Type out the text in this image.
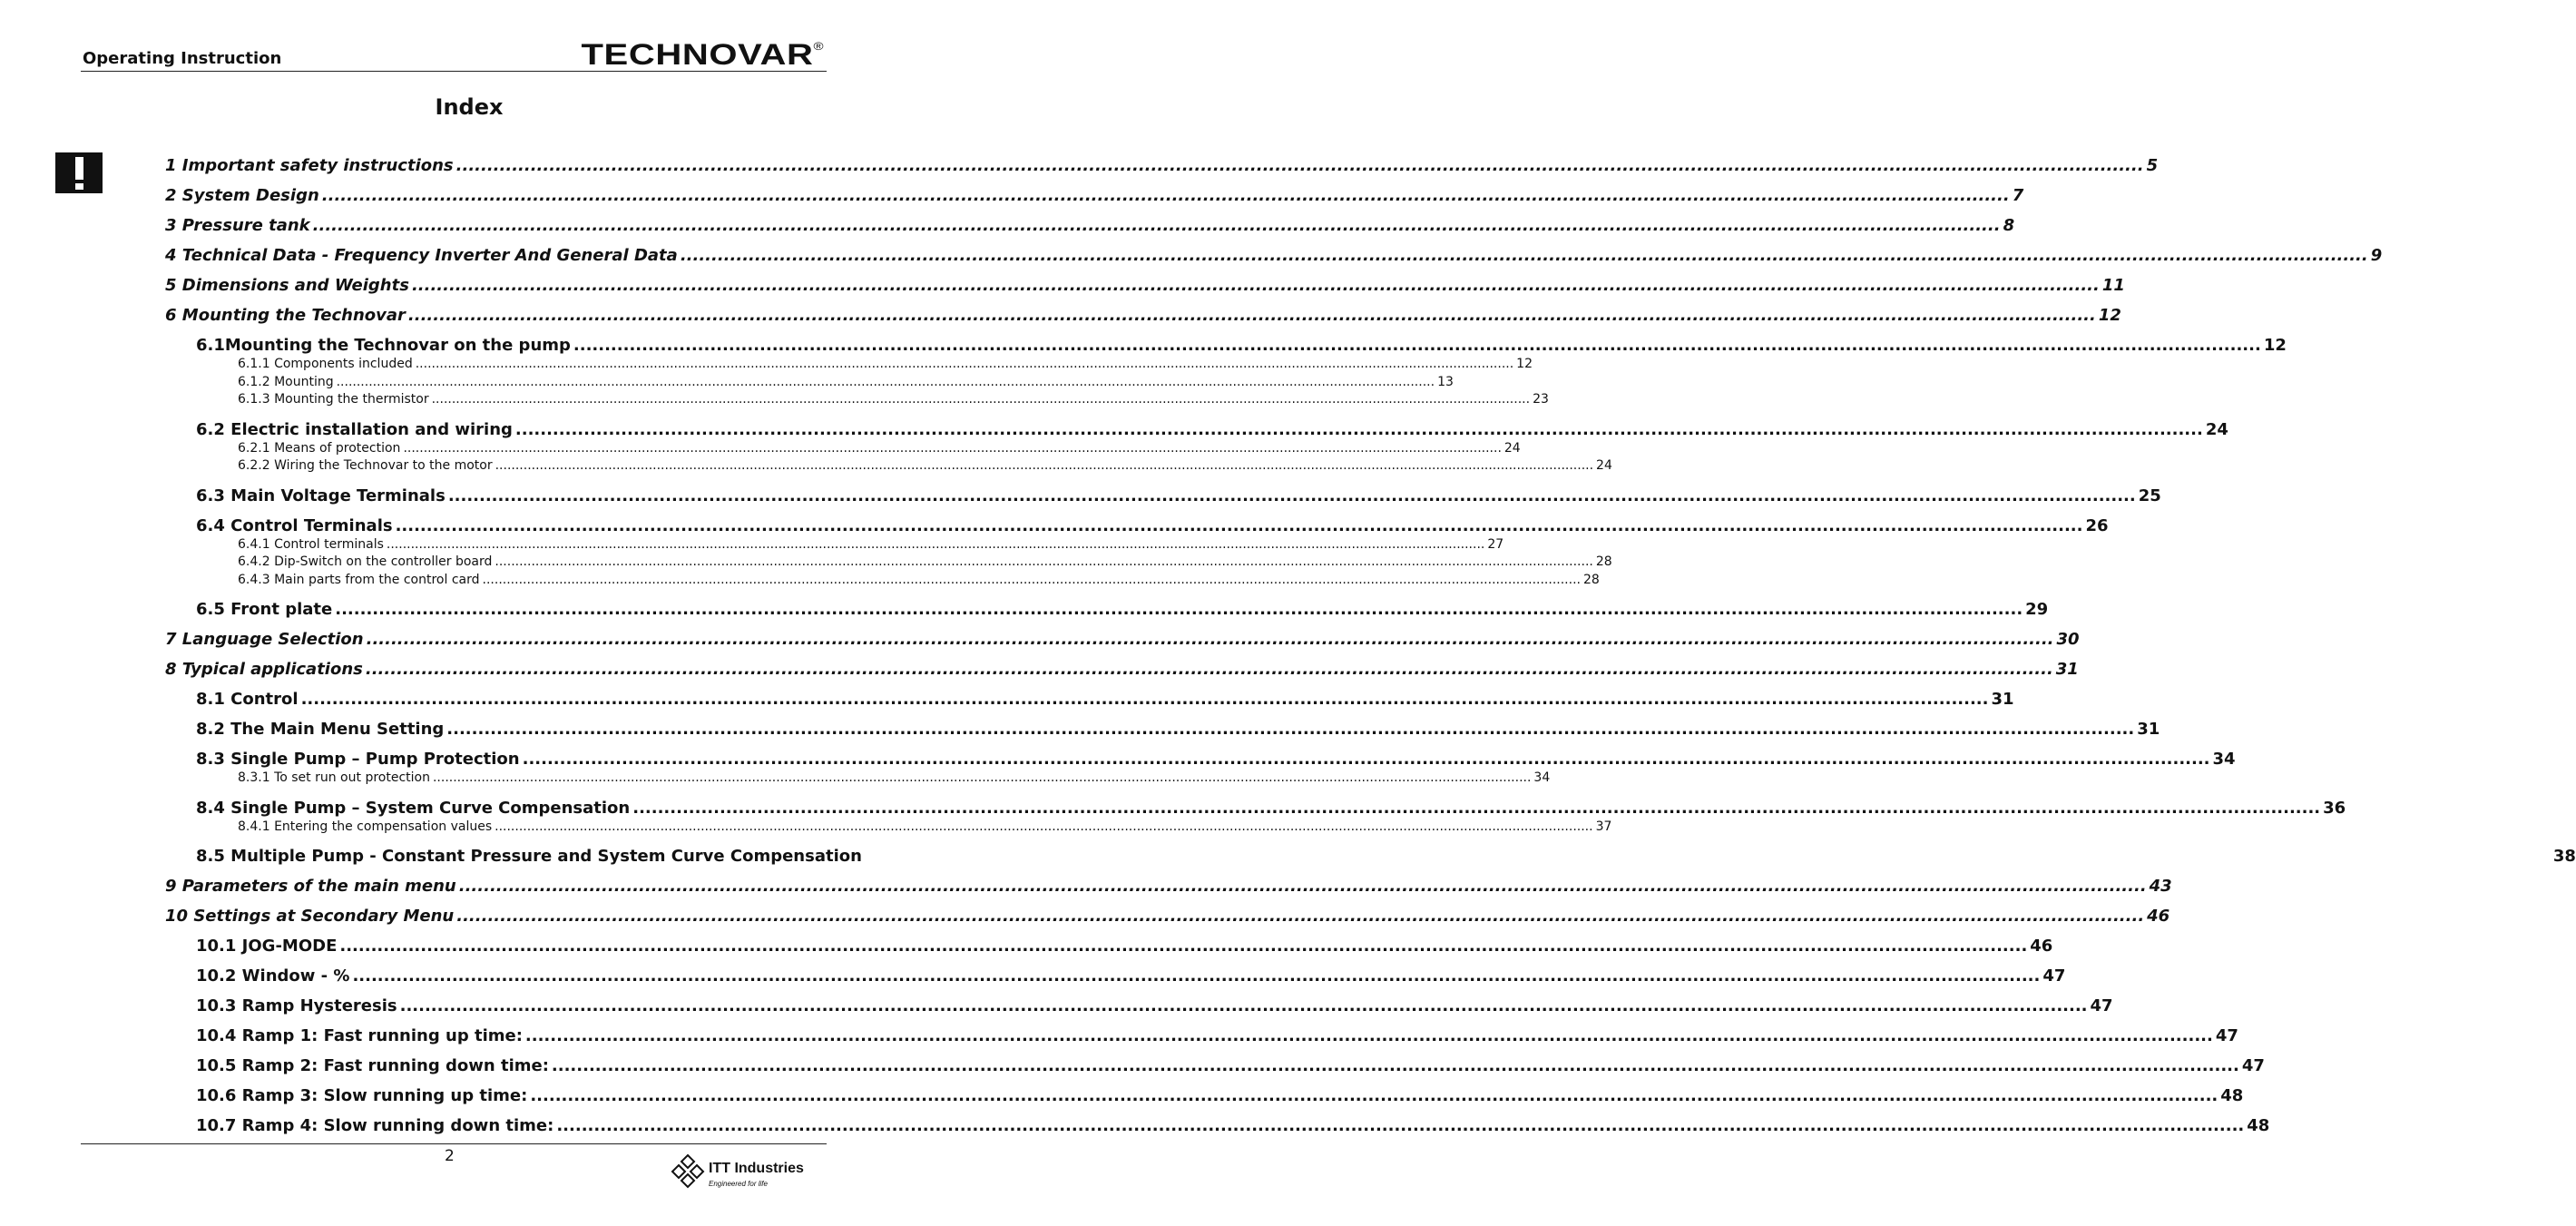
Operating Instruction	TECHNOVAR®
Index
1 Important safety instructions .....	5
2 System Design .....	7
3 Pressure tank .....	8
4 Technical Data - Frequency Inverter And General Data .....	9
5 Dimensions and Weights .....	11
6 Mounting the Technovar .....	12
6.1Mounting the Technovar on the pump .....	12
6.1.1 Components included .....	12
6.1.2 Mounting .....	13
6.1.3 Mounting the thermistor .....	23
6.2 Electric installation and wiring .....	24
6.2.1 Means of protection .....	24
6.2.2 Wiring the Technovar to the motor .....	24
6.3 Main Voltage Terminals .....	25
6.4 Control Terminals .....	26
6.4.1 Control terminals .....	27
6.4.2 Dip-Switch on the controller board .....	28
6.4.3 Main parts from the control card .....	28
6.5 Front plate .....	29
7 Language Selection .....	30
8 Typical applications .....	31
8.1 Control .....	31
8.2 The Main Menu Setting .....	31
8.3 Single Pump – Pump Protection .....	34
8.3.1 To set run out protection .....	34
8.4 Single Pump – System Curve Compensation .....	36
8.4.1 Entering the compensation values .....	37
8.5 Multiple Pump - Constant Pressure and System Curve Compensation	38
9 Parameters of the main menu .....	43
10 Settings at Secondary Menu .....	46
10.1 JOG-MODE .....	46
10.2 Window - % .....	47
10.3 Ramp Hysteresis .....	47
10.4 Ramp 1: Fast running up time: .....	47
10.5 Ramp 2: Fast running down time: .....	47
10.6 Ramp 3: Slow running up time: .....	48
10.7 Ramp 4: Slow running down time: .....	48
2
ITT Industries
Engineered for life
